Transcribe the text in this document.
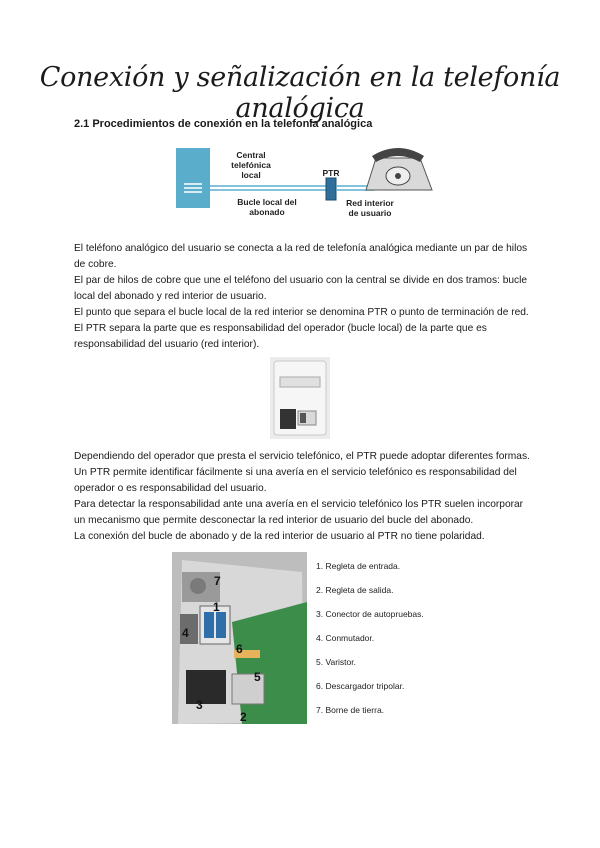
Conexión y señalización en la telefonía analógica
2.1 Procedimientos de conexión en la telefonía analógica
Central
telefónica
local	PTR
Bucle local del
abonado
Red interior
de usuario

El teléfono analógico del usuario se conecta a la red de telefonía analógica mediante un par de hilos

de cobre.

El par de hilos de cobre que une el teléfono del usuario con la central se divide en dos tramos: bucle

local del abonado y red interior de usuario.

El punto que separa el bucle local de la red interior se denomina PTR o punto de terminación de red.

El PTR separa la parte que es responsabilidad del operador (bucle local) de la parte que es

responsabilidad del usuario (red interior).

Dependiendo del operador que presta el servicio telefónico, el PTR puede adoptar diferentes formas.

Un PTR permite identificar fácilmente si una avería en el servicio telefónico es responsabilidad del

operador o es responsabilidad del usuario.

Para detectar la responsabilidad ante una avería en el servicio telefónico los PTR suelen incorporar

un mecanismo que permite desconectar la red interior de usuario del bucle del abonado.

La conexión del bucle de abonado y de la red interior de usuario al PTR no tiene polaridad.

1
2
3
4
5
6
7
1. Regleta de entrada.
2. Regleta de salida.
3. Conector de autopruebas.
4. Conmutador.
5. Varistor.
6. Descargador tripolar.
7. Borne de tierra.
